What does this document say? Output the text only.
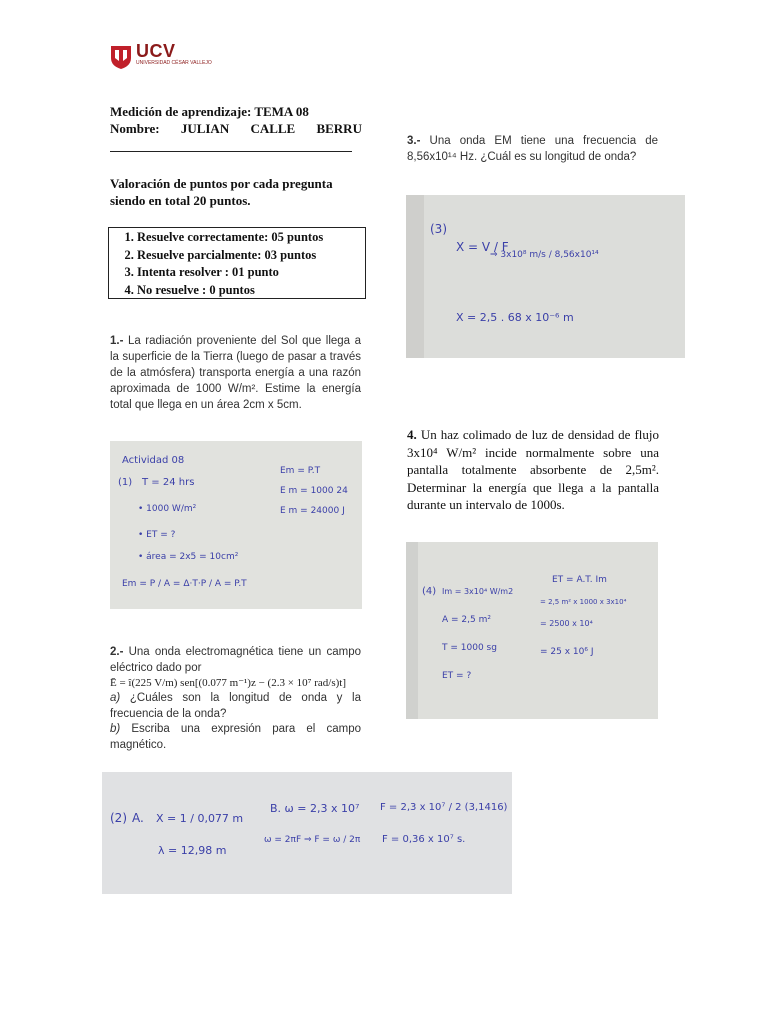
UCV
UNIVERSIDAD CÉSAR VALLEJO
Medición de aprendizaje: TEMA 08
Nombre: JULIAN CALLE BERRU
Valoración de puntos por cada pregunta siendo en total 20 puntos.
1. Resuelve correctamente: 05 puntos
2. Resuelve parcialmente: 03 puntos
3. Intenta resolver : 01 punto
4. No resuelve : 0 puntos
1.- La radiación proveniente del Sol que llega a la superficie de la Tierra (luego de pasar a través de la atmósfera) transporta energía a una razón aproximada de 1000 W/m². Estime la energía total que llega en un área 2cm x 5cm.
Actividad 08
(1) T = 24 hrs
• 1000 W/m²
• ET = ?
• área = 2x5 = 10cm²
Em = P / A = Δ·T·P / A = P.T
Em = P.T
E m = 1000 24
E m = 24000 J
2.- Una onda electromagnética tiene un campo eléctrico dado por
Ē = î(225 V/m) sen[(0.077 m⁻¹)z − (2.3 × 10⁷ rad/s)t]
a) ¿Cuáles son la longitud de onda y la frecuencia de la onda?
b) Escriba una expresión para el campo magnético.
(2) A. X = 1 / 0,077 m
λ = 12,98 m
B. ω = 2,3 x 10⁷
ω = 2πF ⇒ F = ω / 2π
F = 2,3 x 10⁷ / 2 (3,1416)
F = 0,36 x 10⁷ s.
3.- Una onda EM tiene una frecuencia de 8,56x10¹⁴ Hz. ¿Cuál es su longitud de onda?
(3)
X = V / F
⇒ 3x10⁸ m/s / 8,56x10¹⁴
X = 2,5 . 68 x 10⁻⁶ m
4. Un haz colimado de luz de densidad de flujo 3x10⁴ W/m² incide normalmente sobre una pantalla totalmente absorbente de 2,5m². Determinar la energía que llega a la pantalla durante un intervalo de 1000s.
(4) Im = 3x10⁴ W/m2
A = 2,5 m²
T = 1000 sg
ET = ?
ET = A.T. Im
= 2,5 m² x 1000 x 3x10⁴
= 2500 x 10⁴
= 25 x 10⁶ J
